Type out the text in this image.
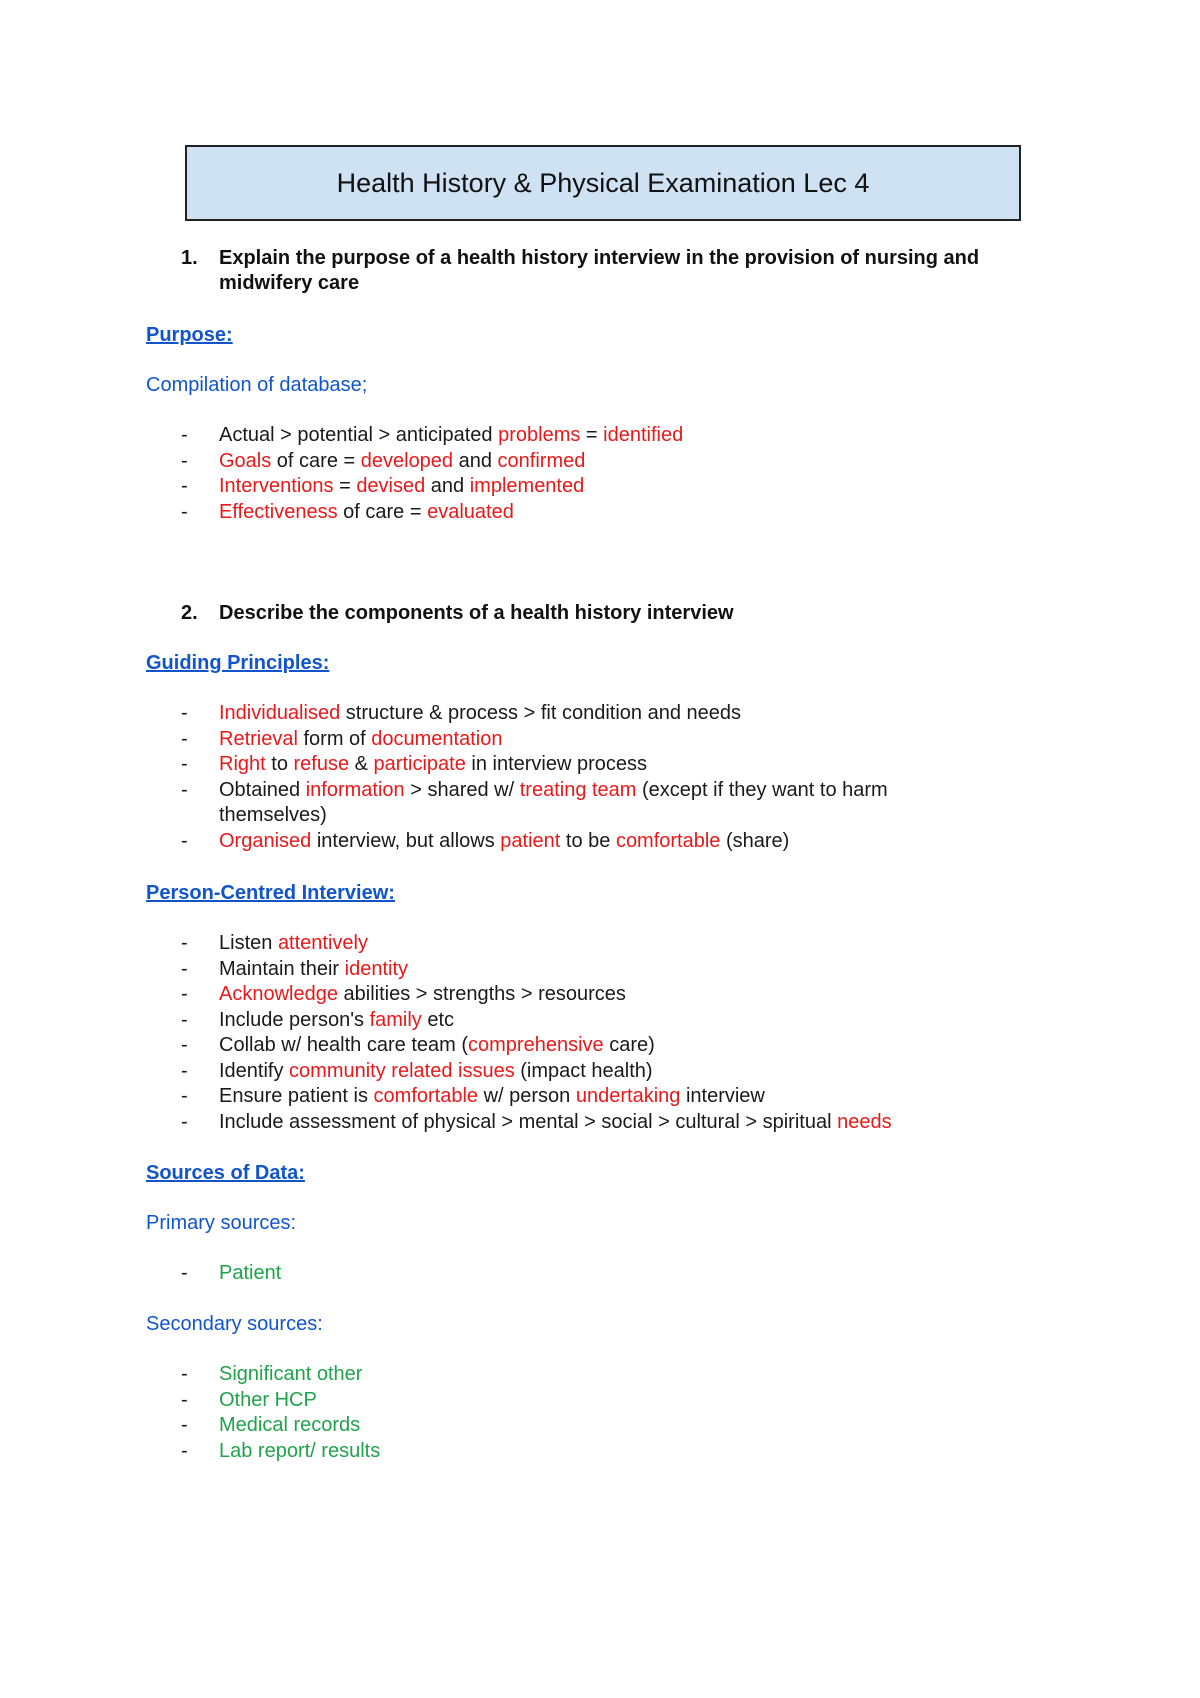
Health History & Physical Examination Lec 4
1.	Explain the purpose of a health history interview in the provision of nursing and midwifery care
Purpose:
Compilation of database;
- Actual > potential > anticipated problems = identified
- Goals of care = developed and confirmed
- Interventions = devised and implemented
- Effectiveness of care = evaluated
2.	Describe the components of a health history interview
Guiding Principles:
- Individualised structure & process > fit condition and needs
- Retrieval form of documentation
- Right to refuse & participate in interview process
- Obtained information > shared w/ treating team (except if they want to harm themselves)
- Organised interview, but allows patient to be comfortable (share)
Person-Centred Interview:
- Listen attentively
- Maintain their identity
- Acknowledge abilities > strengths > resources
- Include person's family etc
- Collab w/ health care team (comprehensive care)
- Identify community related issues (impact health)
- Ensure patient is comfortable w/ person undertaking interview
- Include assessment of physical > mental > social > cultural > spiritual needs
Sources of Data:
Primary sources:
- Patient
Secondary sources:
- Significant other
- Other HCP
- Medical records
- Lab report/ results
